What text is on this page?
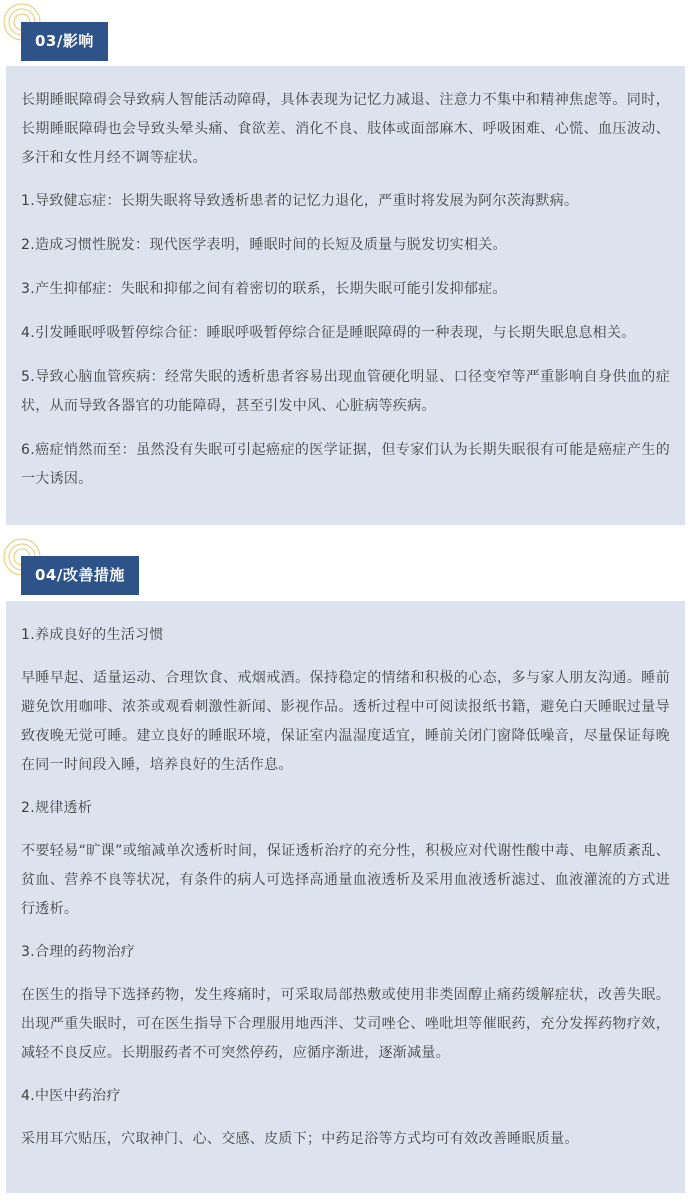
03/影响

长期睡眠障碍会导致病人智能活动障碍，具体表现为记忆力减退、注意力不集中和精神焦虑等。同时，长期睡眠障碍也会导致头晕头痛、食欲差、消化不良、肢体或面部麻木、呼吸困难、心慌、血压波动、多汗和女性月经不调等症状。

1.导致健忘症：长期失眠将导致透析患者的记忆力退化，严重时将发展为阿尔茨海默病。

2.造成习惯性脱发：现代医学表明，睡眠时间的长短及质量与脱发切实相关。

3.产生抑郁症：失眠和抑郁之间有着密切的联系，长期失眠可能引发抑郁症。

4.引发睡眠呼吸暂停综合征：睡眠呼吸暂停综合征是睡眠障碍的一种表现，与长期失眠息息相关。

5.导致心脑血管疾病：经常失眠的透析患者容易出现血管硬化明显、口径变窄等严重影响自身供血的症状，从而导致各器官的功能障碍，甚至引发中风、心脏病等疾病。

6.癌症悄然而至：虽然没有失眠可引起癌症的医学证据，但专家们认为长期失眠很有可能是癌症产生的一大诱因。

04/改善措施

1.养成良好的生活习惯

早睡早起、适量运动、合理饮食、戒烟戒酒。保持稳定的情绪和积极的心态，多与家人朋友沟通。睡前避免饮用咖啡、浓茶或观看刺激性新闻、影视作品。透析过程中可阅读报纸书籍，避免白天睡眠过量导致夜晚无觉可睡。建立良好的睡眠环境，保证室内温湿度适宜，睡前关闭门窗降低噪音，尽量保证每晚在同一时间段入睡，培养良好的生活作息。

2.规律透析

不要轻易“旷课”或缩减单次透析时间，保证透析治疗的充分性，积极应对代谢性酸中毒、电解质紊乱、贫血、营养不良等状况，有条件的病人可选择高通量血液透析及采用血液透析滤过、血液灌流的方式进行透析。

3.合理的药物治疗

在医生的指导下选择药物，发生疼痛时，可采取局部热敷或使用非类固醇止痛药缓解症状，改善失眠。出现严重失眠时，可在医生指导下合理服用地西泮、艾司唑仑、唑吡坦等催眠药，充分发挥药物疗效，减轻不良反应。长期服药者不可突然停药，应循序渐进，逐渐减量。

4.中医中药治疗

采用耳穴贴压，穴取神门、心、交感、皮质下；中药足浴等方式均可有效改善睡眠质量。
